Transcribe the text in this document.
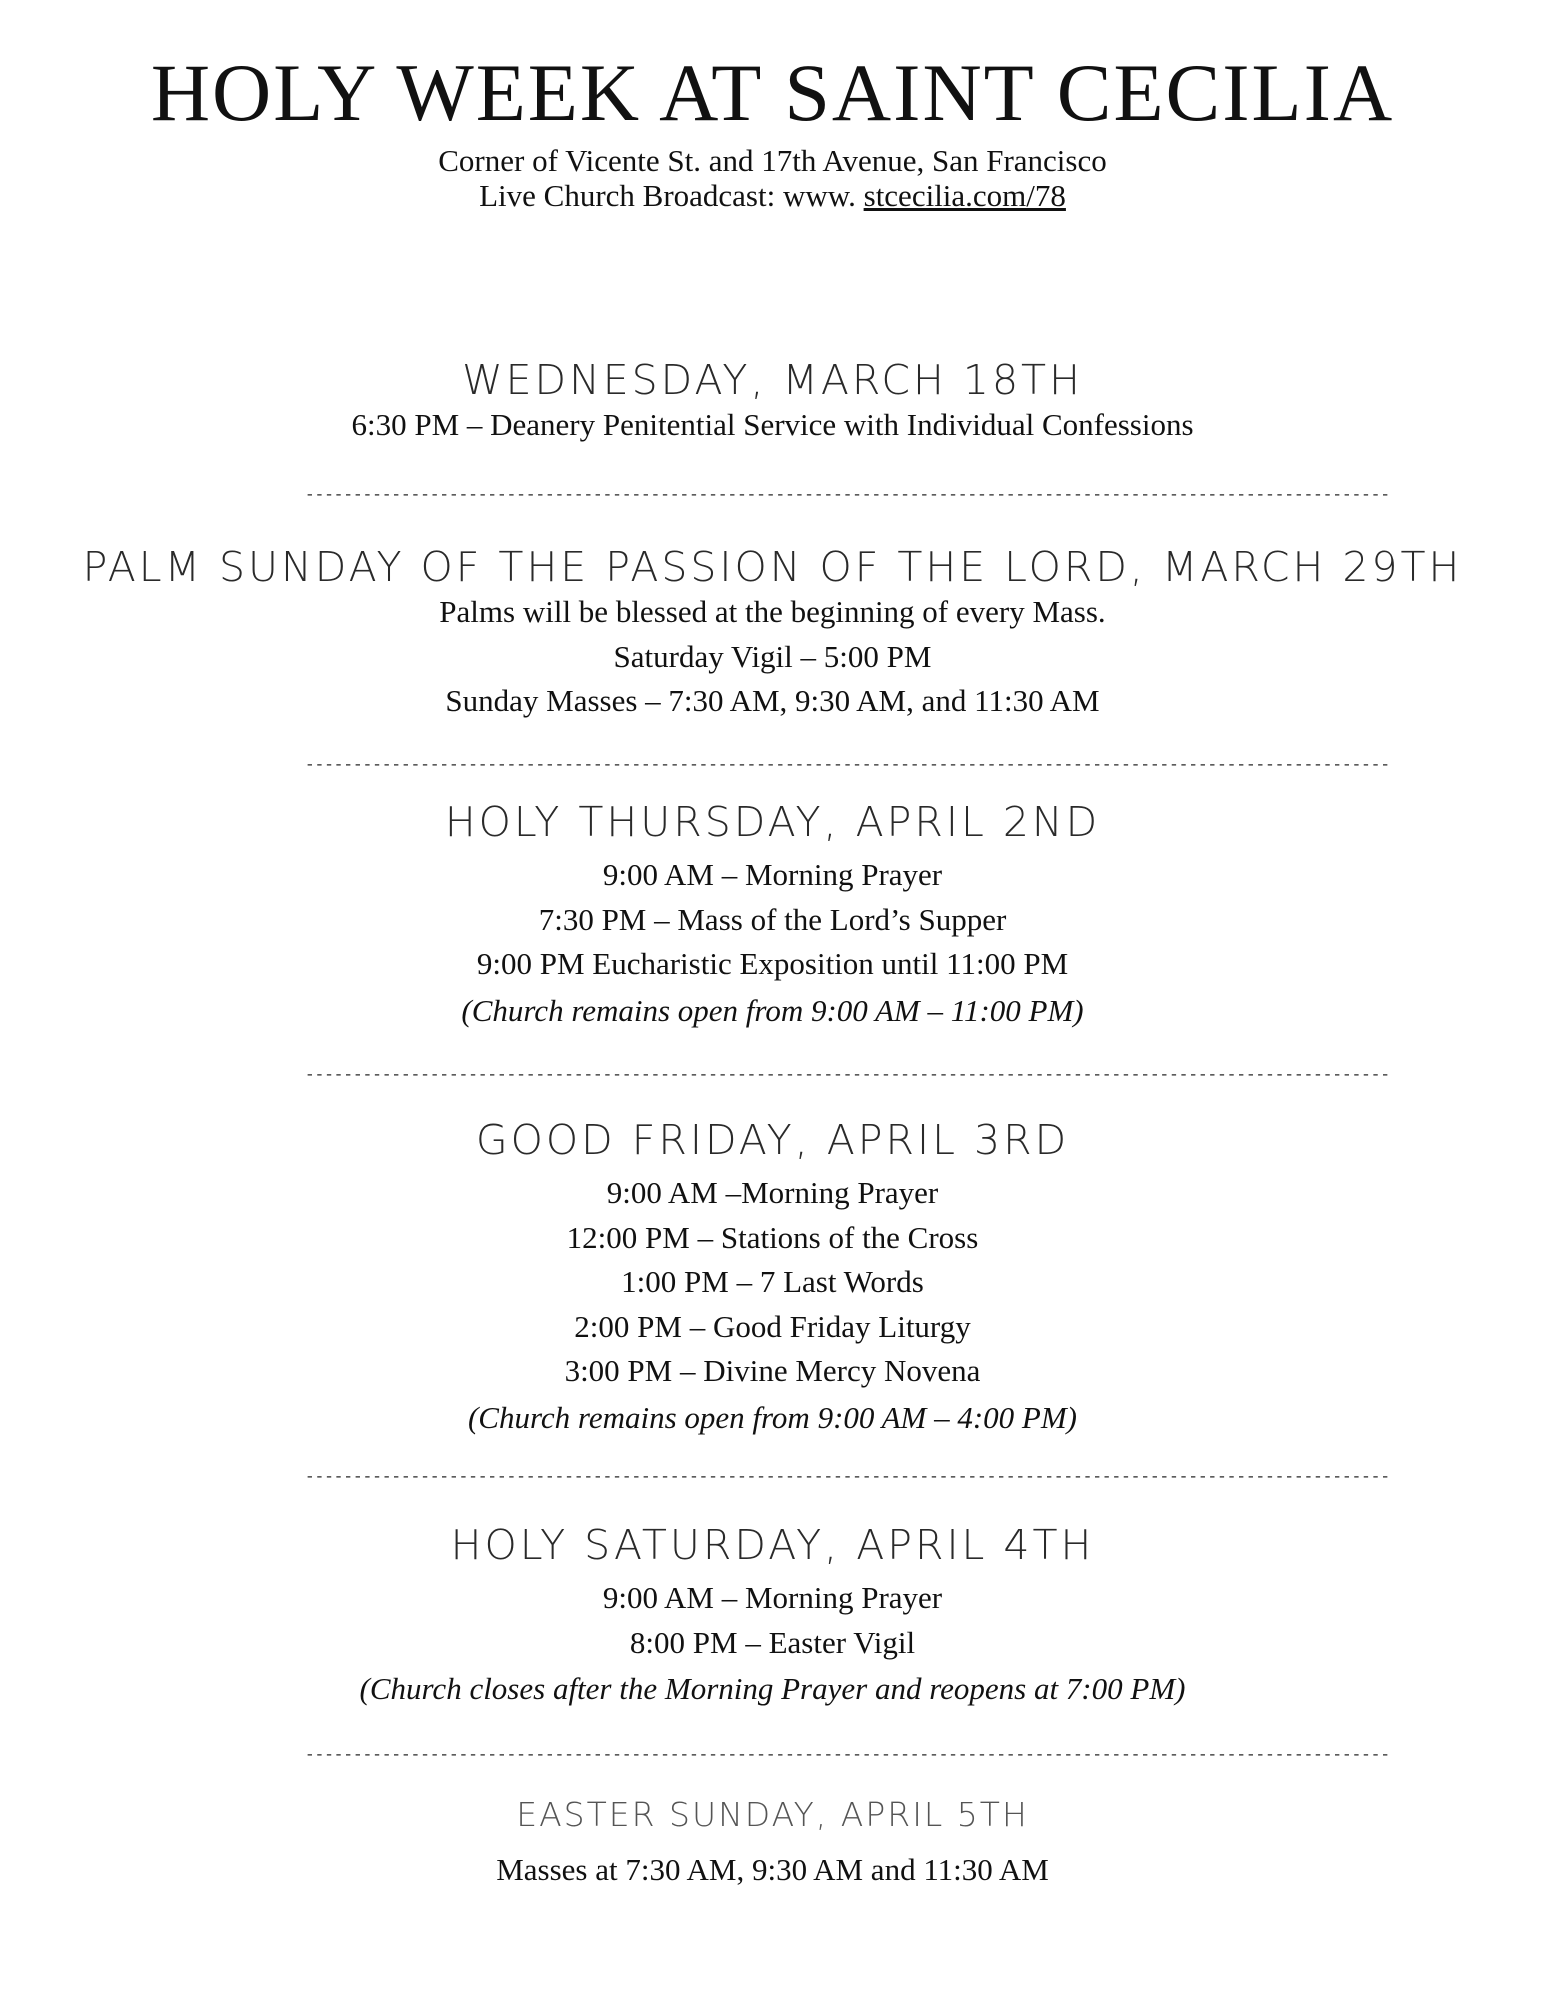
HOLY WEEK AT SAINT CECILIA
Corner of Vicente St. and 17th Avenue, San Francisco
Live Church Broadcast: www. stcecilia.com/78
WEDNESDAY, MARCH 18TH
6:30 PM – Deanery Penitential Service with Individual Confessions
-----------------------------------------------------------------------------------------------------------------
PALM SUNDAY OF THE PASSION OF THE LORD, MARCH 29TH
Palms will be blessed at the beginning of every Mass.
Saturday Vigil – 5:00 PM
Sunday Masses – 7:30 AM, 9:30 AM, and 11:30 AM
-----------------------------------------------------------------------------------------------------------------
HOLY THURSDAY, APRIL 2ND
9:00 AM – Morning Prayer
7:30 PM – Mass of the Lord’s Supper
9:00 PM Eucharistic Exposition until 11:00 PM
(Church remains open from 9:00 AM – 11:00 PM)
-----------------------------------------------------------------------------------------------------------------
GOOD FRIDAY, APRIL 3RD
9:00 AM –Morning Prayer
12:00 PM – Stations of the Cross
1:00 PM – 7 Last Words
2:00 PM – Good Friday Liturgy
3:00 PM – Divine Mercy Novena
(Church remains open from 9:00 AM – 4:00 PM)
-----------------------------------------------------------------------------------------------------------------
HOLY SATURDAY, APRIL 4TH
9:00 AM – Morning Prayer
8:00 PM – Easter Vigil
(Church closes after the Morning Prayer and reopens at 7:00 PM)
-----------------------------------------------------------------------------------------------------------------
EASTER SUNDAY, APRIL 5TH
Masses at 7:30 AM, 9:30 AM and 11:30 AM
